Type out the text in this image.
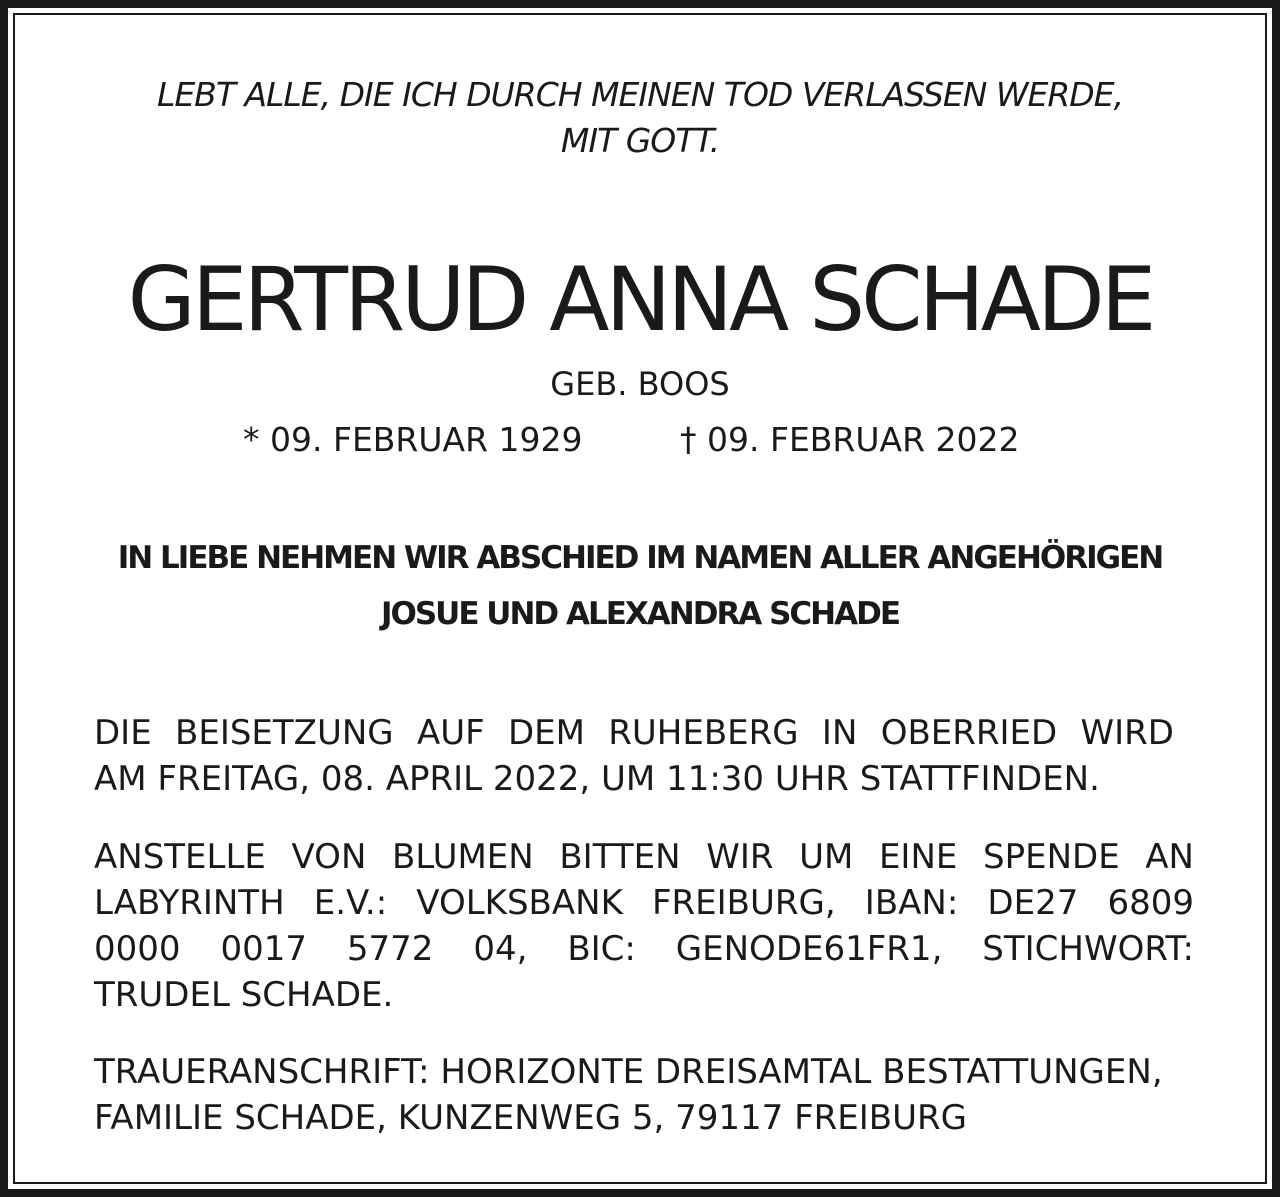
LEBT ALLE, DIE ICH DURCH MEINEN TOD VERLASSEN WERDE,
MIT GOTT.
GERTRUD ANNA SCHADE
GEB. BOOS
* 09. FEBRUAR 1929	† 09. FEBRUAR 2022
IN LIEBE NEHMEN WIR ABSCHIED IM NAMEN ALLER ANGEHÖRIGEN
JOSUE UND ALEXANDRA SCHADE
DIE BEISETZUNG AUF DEM RUHEBERG IN OBERRIED WIRD
AM FREITAG, 08. APRIL 2022, UM 11:30 UHR STATTFINDEN.
ANSTELLE VON BLUMEN BITTEN WIR UM EINE SPENDE AN
LABYRINTH E.V.: VOLKSBANK FREIBURG, IBAN: DE27 6809
0000 0017 5772 04, BIC: GENODE61FR1, STICHWORT:
TRUDEL SCHADE.
TRAUERANSCHRIFT: HORIZONTE DREISAMTAL BESTATTUNGEN,
FAMILIE SCHADE, KUNZENWEG 5, 79117 FREIBURG
